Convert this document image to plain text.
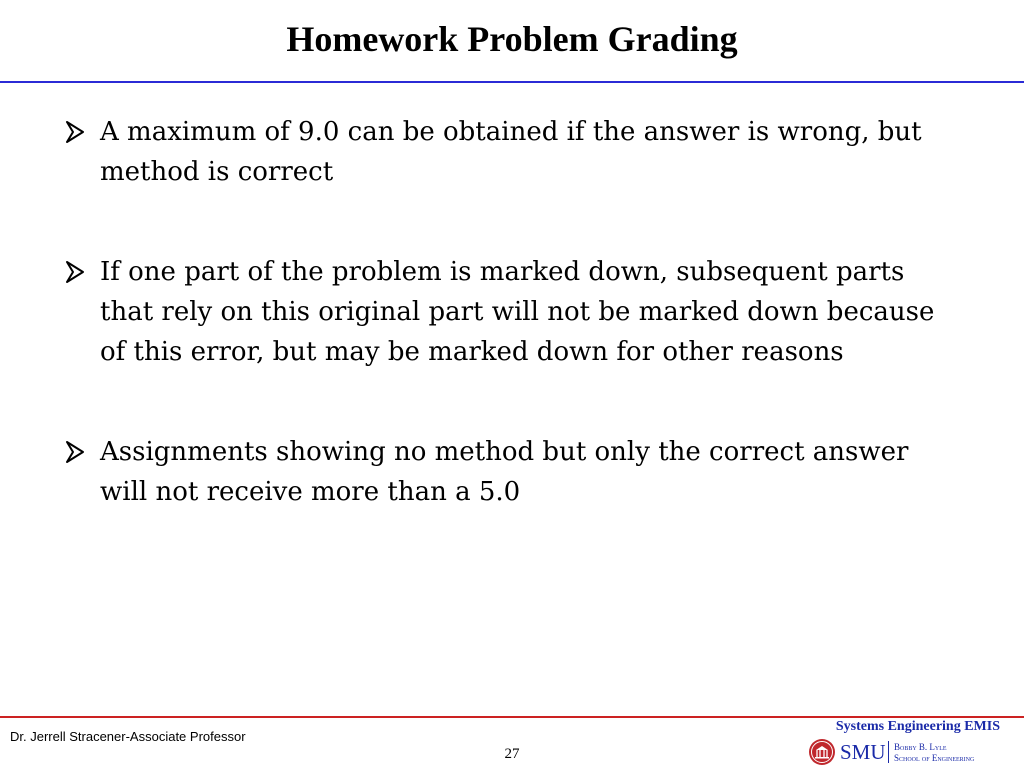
Homework Problem Grading
A maximum of 9.0 can be obtained if the answer is wrong, but method is correct
If one part of the problem is marked down, subsequent parts that rely on this original part will not be marked down because of this error, but may be marked down for other reasons
Assignments showing no method but only the correct answer will not receive more than a 5.0
Dr. Jerrell Stracener-Associate Professor
27
Systems Engineering EMIS
SMU Bobby B. Lyle
School of Engineering
